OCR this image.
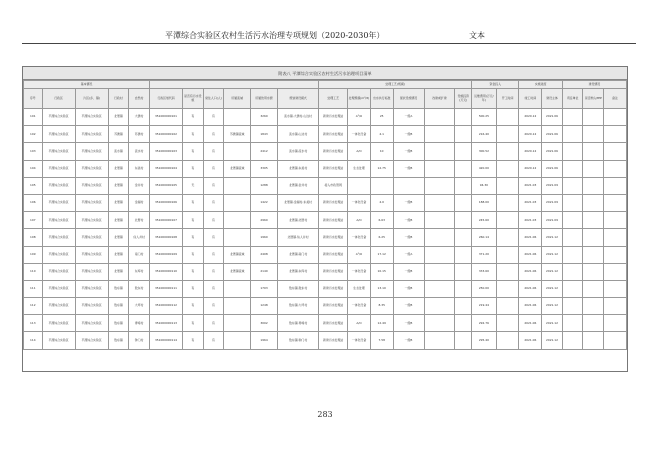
平潭综合实验区农村生活污水治理专项规划（2020-2030年）	文本
附表八 平潭综合实验区农村生活污水治理项目清单
基本情况											处理工艺(规模)						资金投入		实施进度		建设情况		
序号	行政区	片区(乡、镇)	行政村	自然村	行政区划代码	是否有污水设施	常住人口(人)	所属流域	所属饮用水源	规划建设模式	处理工艺	处理规模(m³/d)	出水执行标准	现状设施情况	改建或扩建	设施投资(万元)	运维费用(万元/年)	开工时间	竣工时间	建设主体	责任单位	是否纳入PPP	备注
101	平潭综合实验区	平潭综合实验区	北厝镇	大澳村	351000000101	有	有		3260	流水镇,大澳村,山边村	新建污水处理站	A²/O	25	一级A			500.25		2020.12	2021.06			
102	平潭综合实验区	平潭综合实验区	苏澳镇	苏澳村	351000000102	有	有	苏澳镇流域	1843	流水镇,山边村	新建污水处理站	一体化设备	4.1	一级B			216.40		2020.12	2021.06			
103	平潭综合实验区	平潭综合实验区	流水镇	流水村	351000000103	有	有		2412	流水镇,流水村	新建污水处理站	A/O	10	一级B			300.52		2020.12	2021.06			
104	平潭综合实验区	平潭综合实验区	北厝镇	东美村	351000000104	有	有	北厝镇流域	3305	北厝镇,东美村	新建污水处理站	生态处理	12.75	一级B			420.00		2020.12	2021.06			
105	平潭综合实验区	平潭综合实验区	北厝镇	金井村	351000000105	无	有		1288	北厝镇,金井村	接入市政管网						94.30		2021.03	2021.09			
106	平潭综合实验区	平潭综合实验区	北厝镇	金湖村	351000000106	有	有		1422	北厝镇,金湖村,东美村	新建污水处理站	一体化设备	4.0	一级B			188.00		2021.03	2021.09			
107	平潭综合实验区	平潭综合实验区	北厝镇	北厝村	351000000107	有	有		2960	北厝镇,北厝村	新建污水处理站	A/O	6.63	一级B			245.60		2021.03	2021.09			
108	平潭综合实验区	平潭综合实验区	北厝镇	仙人井村	351000000108	有	有		1960	北厝镇,仙人井村	新建污水处理站	一体化设备	6.25	一级B			260.14		2021.06	2021.12			
109	平潭综合实验区	平潭综合实验区	北厝镇	南门村	351000000109	有	有	北厝镇流域	2408	北厝镇,南门村	新建污水处理站	A²/O	17.12	一级A			371.20		2021.06	2021.12			
110	平潭综合实验区	平潭综合实验区	北厝镇	东库村	351000000110	有	有	北厝镇流域	2140	北厝镇,东库村	新建污水处理站	一体化设备	10.15	一级B			333.60		2021.06	2021.12			
111	平潭综合实验区	平潭综合实验区	敖东镇	敖东村	351000000111	有	有		1703	敖东镇,敖东村	新建污水处理站	生态处理	13.10	一级B			250.00		2021.06	2021.12			
112	平潭综合实验区	平潭综合实验区	敖东镇	大坪村	351000000112	有	有		1248	敖东镇,大坪村	新建污水处理站	一体化设备	8.35	一级B			219.44		2021.06	2021.12			
113	平潭综合实验区	平潭综合实验区	敖东镇	青峰村	351000000113	有	有		3002	敖东镇,青峰村	新建污水处理站	A/O	12.49	一级B			292.76		2021.06	2021.12			
114	平潭综合实验区	平潭综合实验区	敖东镇	钟门村	351000000114	有	有		1964	敖东镇,钟门村	新建污水处理站	一体化设备	7.58	一级B			295.40		2021.06	2021.12			
283
